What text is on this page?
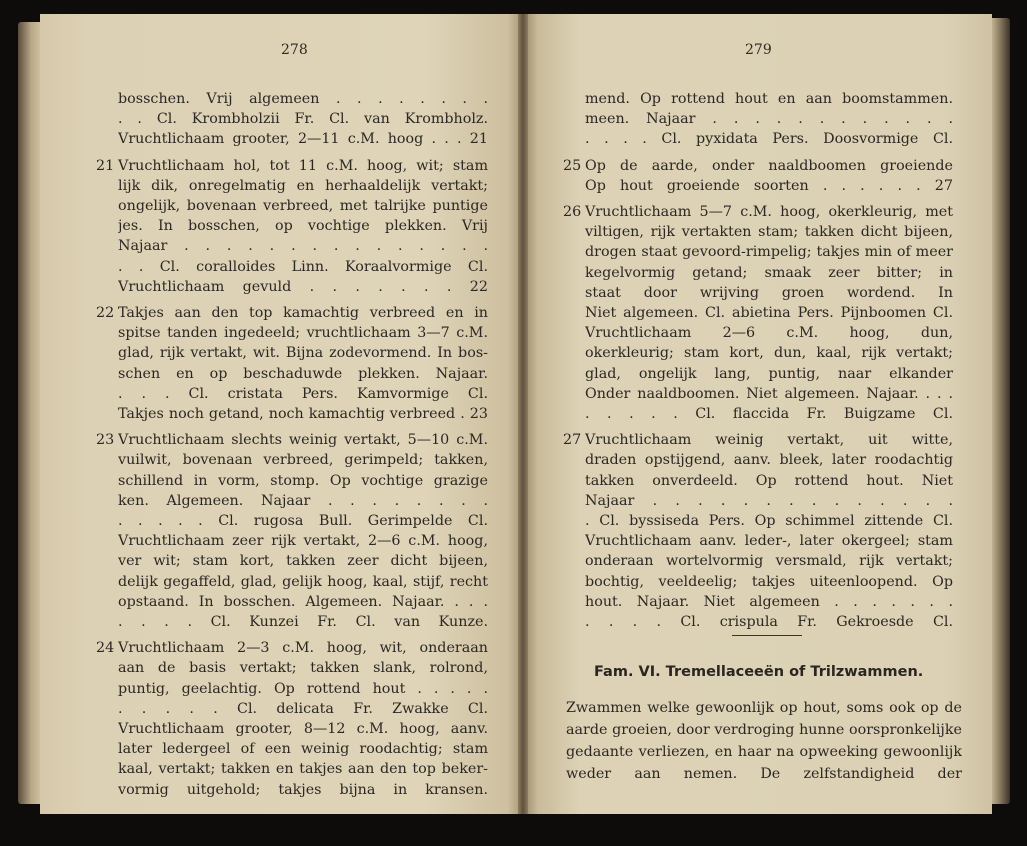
278	279
bosschen. Vrij algemeen . . . . . . . .
. . Cl. Krombholzii Fr. Cl. van Krombholz.
Vruchtlichaam grooter, 2—11 c.M. hoog . . . 21
21 Vruchtlichaam hol, tot 11 c.M. hoog, wit; stam
lijk dik, onregelmatig en herhaaldelijk vertakt;
ongelijk, bovenaan verbreed, met talrijke puntige
jes. In bosschen, op vochtige plekken. Vrij
Najaar . . . . . . . . . . . . . . .
. . Cl. coralloides Linn. Koraalvormige Cl.
Vruchtlichaam gevuld . . . . . . . 22
22 Takjes aan den top kamachtig verbreed en in
spitse tanden ingedeeld; vruchtlichaam 3—7 c.M.
glad, rijk vertakt, wit. Bijna zodevormend. In bos-
schen en op beschaduwde plekken. Najaar.
. . . Cl. cristata Pers. Kamvormige Cl.
Takjes noch getand, noch kamachtig verbreed . 23
23 Vruchtlichaam slechts weinig vertakt, 5—10 c.M.
vuilwit, bovenaan verbreed, gerimpeld; takken,
schillend in vorm, stomp. Op vochtige grazige
ken. Algemeen. Najaar . . . . . . . .
. . . . . Cl. rugosa Bull. Gerimpelde Cl.
Vruchtlichaam zeer rijk vertakt, 2—6 c.M. hoog,
ver wit; stam kort, takken zeer dicht bijeen,
delijk gegaffeld, glad, gelijk hoog, kaal, stijf, recht
opstaand. In bosschen. Algemeen. Najaar. . . .
. . . . Cl. Kunzei Fr. Cl. van Kunze.
24 Vruchtlichaam 2—3 c.M. hoog, wit, onderaan
aan de basis vertakt; takken slank, rolrond,
puntig, geelachtig. Op rottend hout . . . . .
. . . . . Cl. delicata Fr. Zwakke Cl.
Vruchtlichaam grooter, 8—12 c.M. hoog, aanv.
later ledergeel of een weinig roodachtig; stam
kaal, vertakt; takken en takjes aan den top beker-
vormig uitgehold; takjes bijna in kransen.
mend. Op rottend hout en aan boomstammen.
meen. Najaar . . . . . . . . . . . .
. . . . Cl. pyxidata Pers. Doosvormige Cl.
25 Op de aarde, onder naaldboomen groeiende
Op hout groeiende soorten . . . . . . 27
26 Vruchtlichaam 5—7 c.M. hoog, okerkleurig, met
viltigen, rijk vertakten stam; takken dicht bijeen,
drogen staat gevoord-rimpelig; takjes min of meer
kegelvormig getand; smaak zeer bitter; in
staat door wrijving groen wordend. In
Niet algemeen. Cl. abietina Pers. Pijnboomen Cl.
Vruchtlichaam 2—6 c.M. hoog, dun,
okerkleurig; stam kort, dun, kaal, rijk vertakt;
glad, ongelijk lang, puntig, naar elkander
Onder naaldboomen. Niet algemeen. Najaar. . . .
. . . . . Cl. flaccida Fr. Buigzame Cl.
27 Vruchtlichaam weinig vertakt, uit witte,
draden opstijgend, aanv. bleek, later roodachtig
takken onverdeeld. Op rottend hout. Niet
Najaar . . . . . . . . . . . . . .
. Cl. byssiseda Pers. Op schimmel zittende Cl.
Vruchtlichaam aanv. leder-, later okergeel; stam
onderaan wortelvormig versmald, rijk vertakt;
bochtig, veeldeelig; takjes uiteenloopend. Op
hout. Najaar. Niet algemeen . . . . . . .
. . . . Cl. crispula Fr. Gekroesde Cl.
Fam. VI. Tremellaceeën of Trilzwammen.
Zwammen welke gewoonlijk op hout, soms ook op de
aarde groeien, door verdroging hunne oorspronkelijke
gedaante verliezen, en haar na opweeking gewoonlijk
weder aan nemen. De zelfstandigheid der
